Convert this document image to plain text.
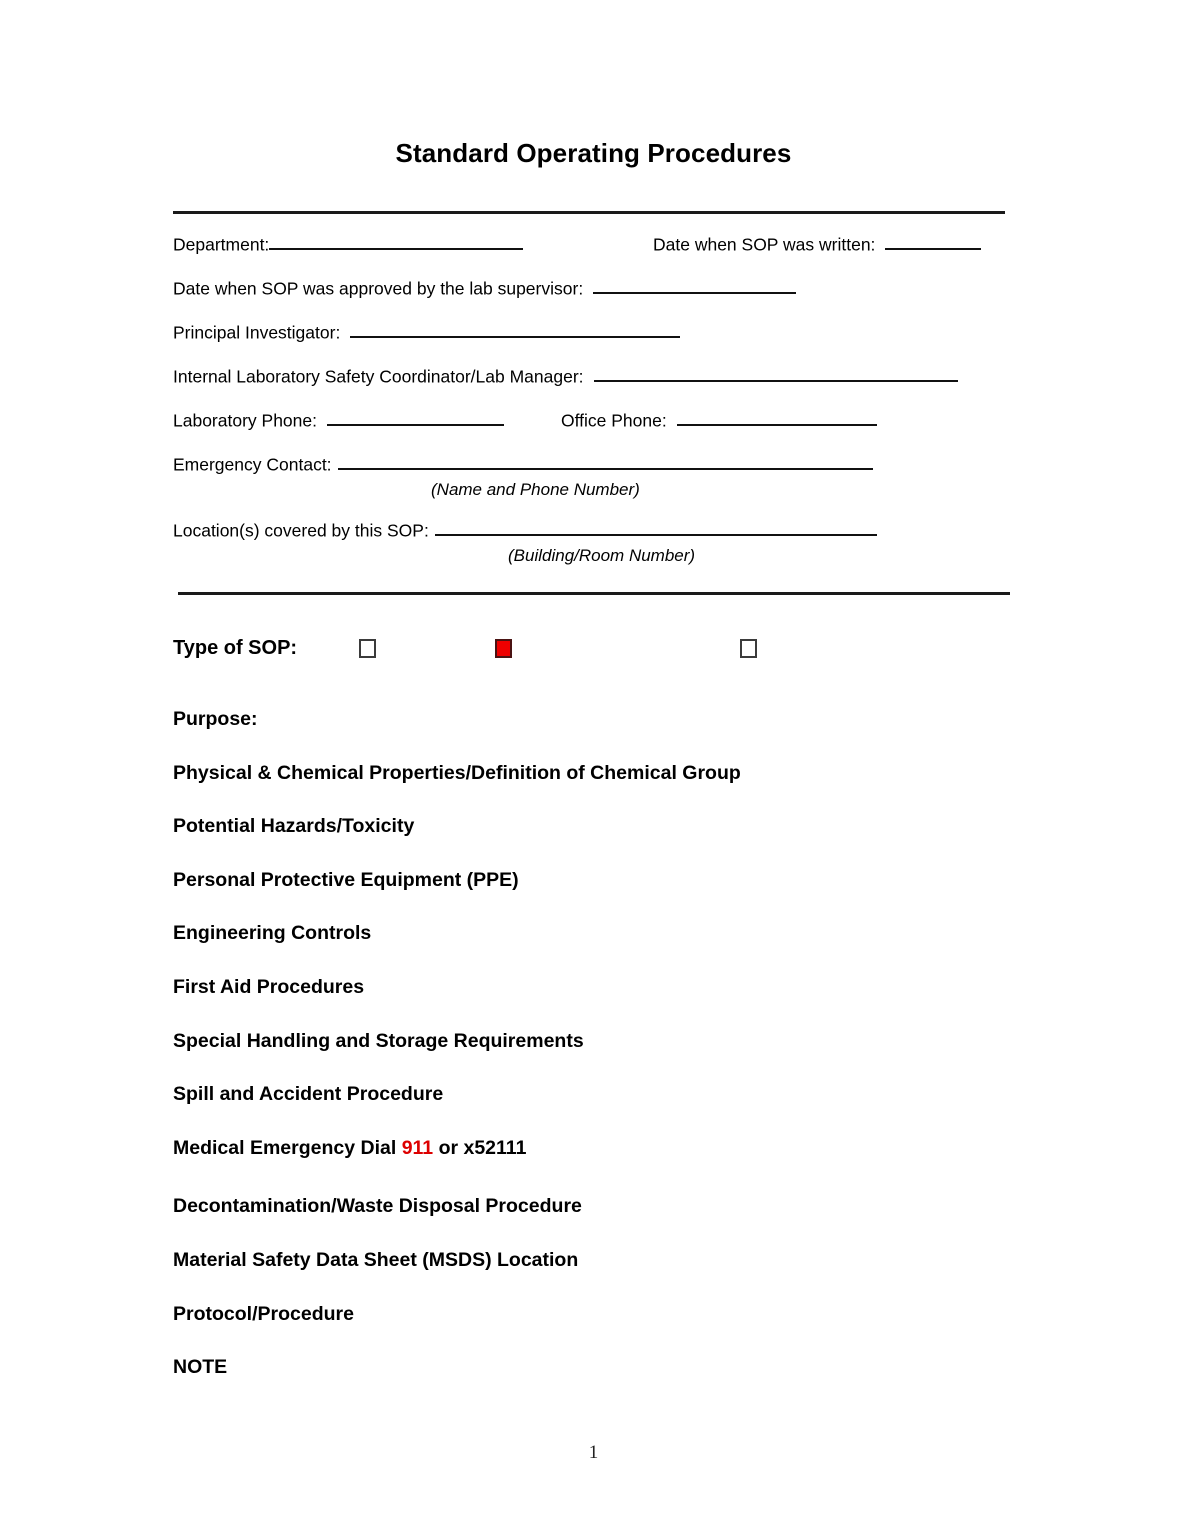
Standard Operating Procedures
Department:	Date when SOP was written:
Date when SOP was approved by the lab supervisor:
Principal Investigator:
Internal Laboratory Safety Coordinator/Lab Manager:
Laboratory Phone:	Office Phone:
Emergency Contact:
(Name and Phone Number)
Location(s) covered by this SOP:
(Building/Room Number)
Type of SOP:
Purpose:
Physical & Chemical Properties/Definition of Chemical Group
Potential Hazards/Toxicity
Personal Protective Equipment (PPE)
Engineering Controls
First Aid Procedures
Special Handling and Storage Requirements
Spill and Accident Procedure
Medical Emergency Dial 911 or x52111
Decontamination/Waste Disposal Procedure
Material Safety Data Sheet (MSDS) Location
Protocol/Procedure
NOTE
1
